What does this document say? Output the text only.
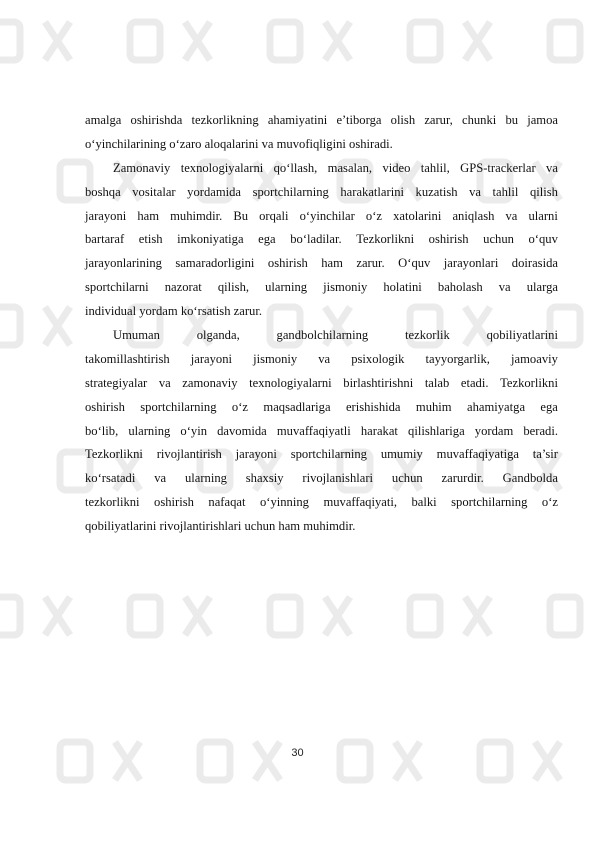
amalga oshirishda tezkorlikning ahamiyatini e’tiborga olish zarur, chunki bu jamoa
o‘yinchilarining o‘zaro aloqalarini va muvofiqligini oshiradi.
Zamonaviy texnologiyalarni qo‘llash, masalan, video tahlil, GPS-trackerlar va
boshqa vositalar yordamida sportchilarning harakatlarini kuzatish va tahlil qilish
jarayoni ham muhimdir. Bu orqali o‘yinchilar o‘z xatolarini aniqlash va ularni
bartaraf etish imkoniyatiga ega bo‘ladilar. Tezkorlikni oshirish uchun o‘quv
jarayonlarining samaradorligini oshirish ham zarur. O‘quv jarayonlari doirasida
sportchilarni nazorat qilish, ularning jismoniy holatini baholash va ularga
individual yordam ko‘rsatish zarur.
Umuman	olganda,	gandbolchilarning	tezkorlik	qobiliyatlarini
takomillashtirish jarayoni jismoniy va psixologik tayyorgarlik, jamoaviy
strategiyalar va zamonaviy texnologiyalarni birlashtirishni talab etadi. Tezkorlikni
oshirish sportchilarning o‘z maqsadlariga erishishida muhim ahamiyatga ega
bo‘lib, ularning o‘yin davomida muvaffaqiyatli harakat qilishlariga yordam beradi.
Tezkorlikni rivojlantirish jarayoni sportchilarning umumiy muvaffaqiyatiga ta’sir
ko‘rsatadi va ularning shaxsiy rivojlanishlari uchun zarurdir. Gandbolda
tezkorlikni oshirish nafaqat o‘yinning muvaffaqiyati, balki sportchilarning o‘z
qobiliyatlarini rivojlantirishlari uchun ham muhimdir.
30
